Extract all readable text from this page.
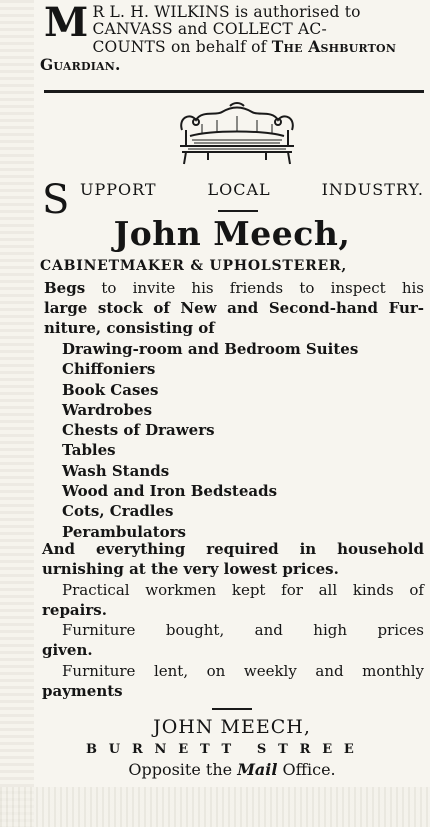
M R L. H. WILKINS is authorised to
CANVASS and COLLECT AC-
COUNTS on behalf of The Ashburton
Guardian.
S UPPORT	LOCAL	INDUSTRY.
John Meech,
CABINETMAKER & UPHOLSTERER,
Begs to invite his friends to inspect his
large stock of New and Second-hand Fur-
niture, consisting of
Drawing-room and Bedroom Suites
Chiffoniers
Book Cases
Wardrobes
Chests of Drawers
Tables
Wash Stands
Wood and Iron Bedsteads
Cots, Cradles
Perambulators
And everything required in household
urnishing at the very lowest prices.
Practical workmen kept for all kinds of
repairs.
Furniture bought, and high prices
given.
Furniture lent, on weekly and monthly
payments
JOHN MEECH,
B U R N E T T S T R E E
Opposite the Mail Office.
